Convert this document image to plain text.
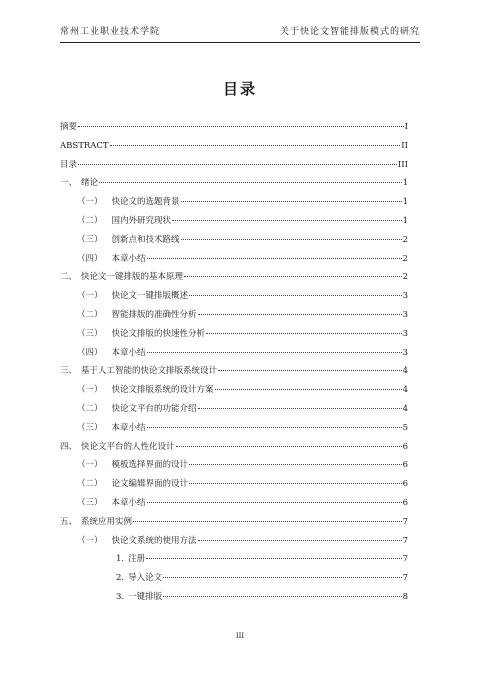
常州工业职业技术学院	关于快论文智能排版模式的研究
目录
摘要	I
ABSTRACT	II
目录	III
一、 绪论	1
（一） 快论文的选题背景	1
（二） 国内外研究现状	1
（三） 创新点和技术路线	2
（四） 本章小结	2
二、 快论文一键排版的基本原理	2
（一） 快论文一键排版概述	3
（二） 智能排版的准确性分析	3
（三） 快论文排版的快速性分析	3
（四） 本章小结	3
三、 基于人工智能的快论文排版系统设计	4
（一） 快论文排版系统的设计方案	4
（二） 快论文平台的功能介绍	4
（三） 本章小结	5
四、 快论文平台的人性化设计	6
（一） 模板选择界面的设计	6
（二） 论文编辑界面的设计	6
（三） 本章小结	6
五、 系统应用实例	7
（一） 快论文系统的使用方法	7
1. 注册	7
2. 导入论文	7
3. 一键排版	8
III
